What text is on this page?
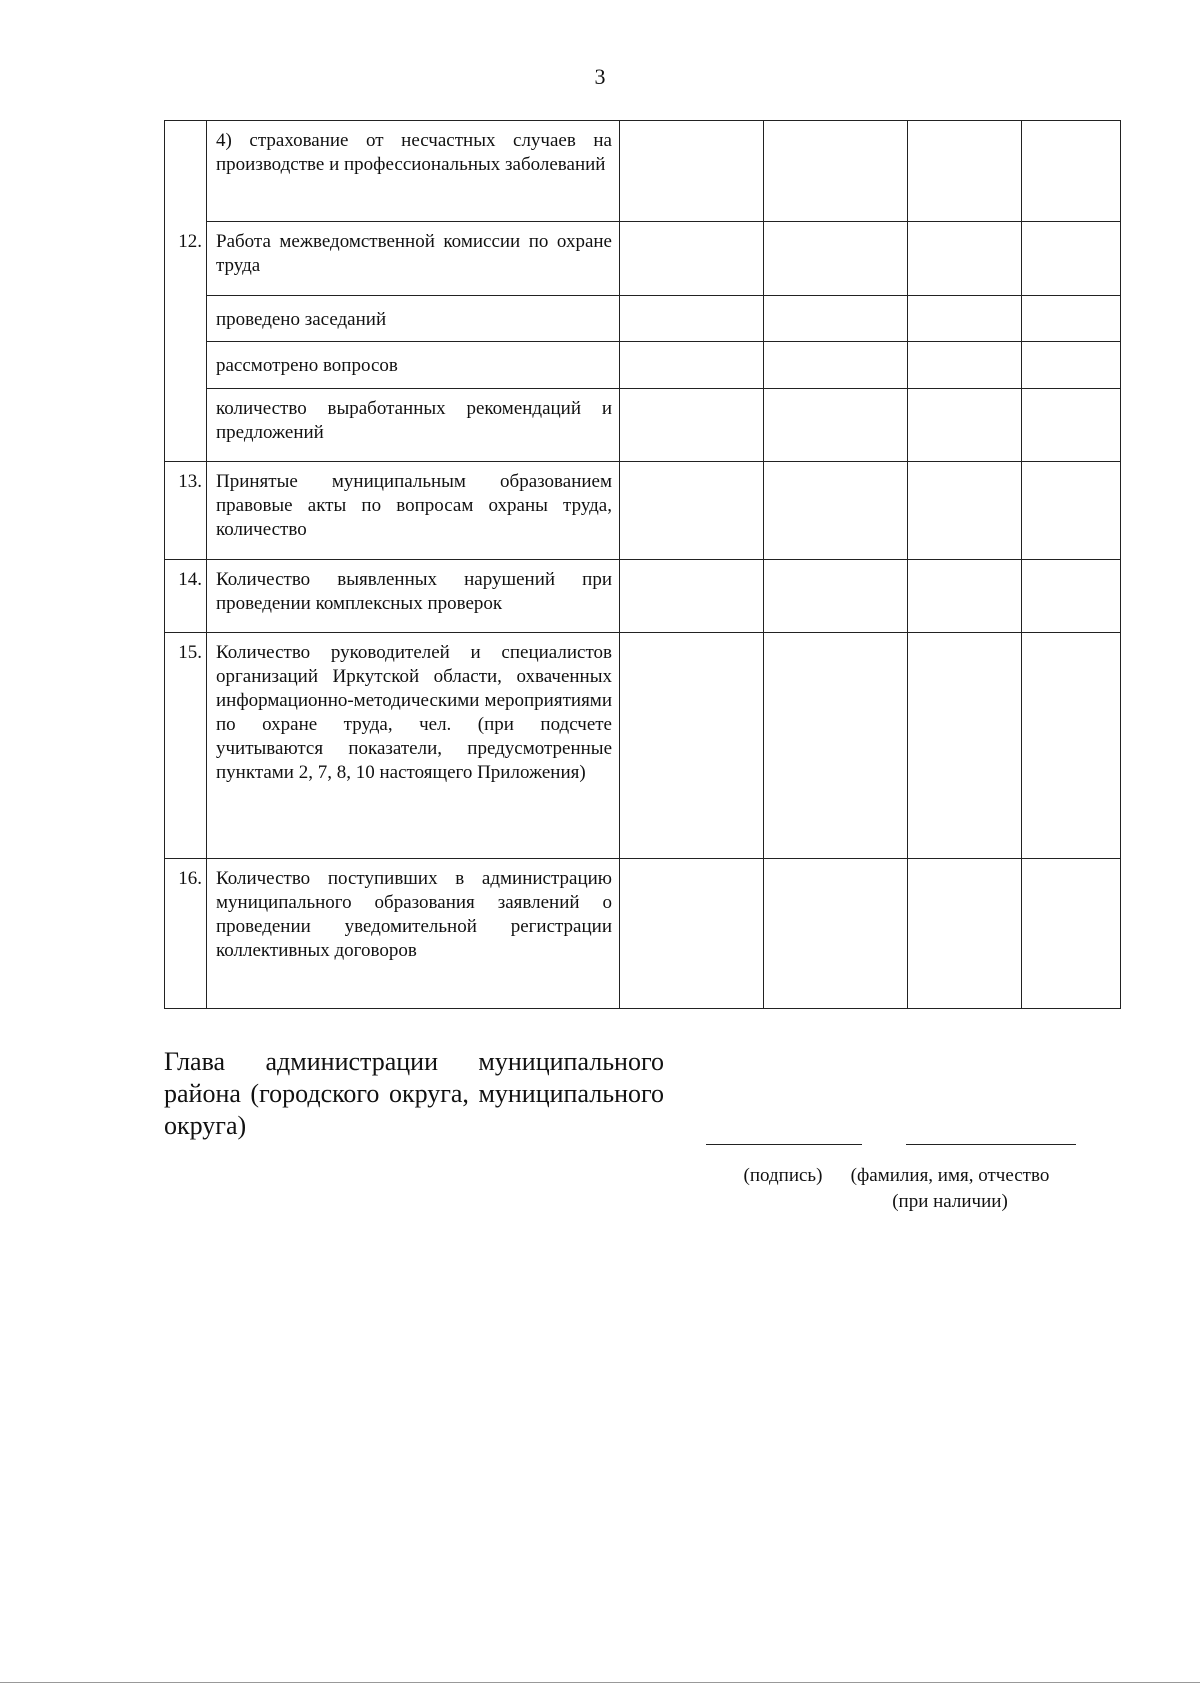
3
	4) страхование от несчастных случаев на производстве и профессиональных заболеваний				
12.	Работа межведомственной комиссии по охране труда				
	проведено заседаний				
	рассмотрено вопросов				
	количество выработанных рекомендаций и предложений				
13.	Принятые муниципальным образованием правовые акты по вопросам охраны труда, количество				
14.	Количество выявленных нарушений при проведении комплексных проверок				
15.	Количество руководителей и специалистов организаций Иркутской области, охваченных информационно-методическими мероприятиями по охране труда, чел. (при подсчете учитываются показатели, предусмотренные пунктами 2, 7, 8, 10 настоящего Приложения)				
16.	Количество поступивших в администрацию муниципального образования заявлений о проведении уведомительной регистрации коллективных договоров				
Глава администрации муниципального района (городского округа, муниципального округа)
(подпись)	(фамилия, имя, отчество
(при наличии)
